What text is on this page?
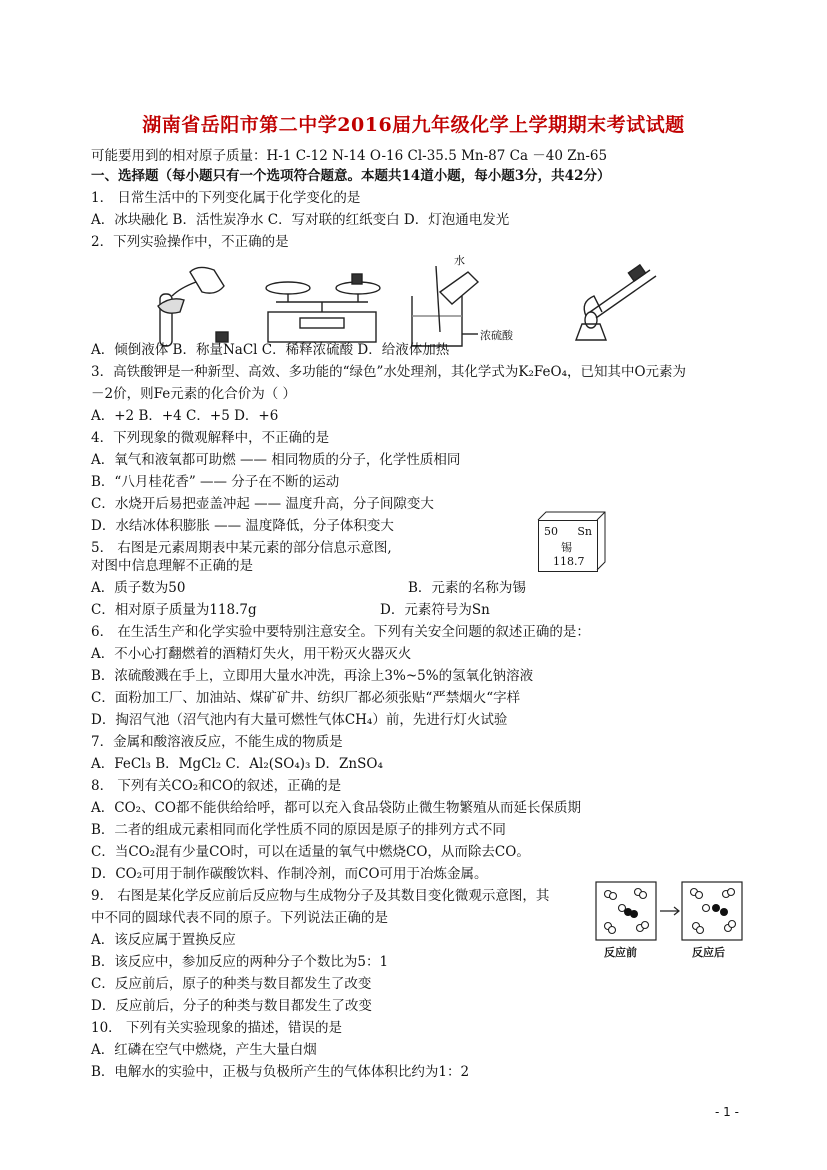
湖南省岳阳市第二中学2016届九年级化学上学期期末考试试题
可能要用到的相对原子质量：H-1 C-12 N-14 O-16 Cl-35.5 Mn-87 Ca －40 Zn-65
一、选择题（每小题只有一个选项符合题意。本题共14道小题，每小题3分，共42分）
1． 日常生活中的下列变化属于化学变化的是
A．冰块融化 B．活性炭净水 C．写对联的红纸变白 D．灯泡通电发光
2．下列实验操作中，不正确的是
水
浓硫酸
A．倾倒液体 B．称量NaCl C．稀释浓硫酸 D．给液体加热
3．高铁酸钾是一种新型、高效、多功能的“绿色”水处理剂，其化学式为K₂FeO₄，已知其中O元素为
－2价，则Fe元素的化合价为（ ）
A．+2 B．+4 C．+5 D．+6
4．下列现象的微观解释中，不正确的是
A．氧气和液氧都可助燃 —— 相同物质的分子，化学性质相同
B．“八月桂花香” —— 分子在不断的运动
C．水烧开后易把壶盖冲起 —— 温度升高，分子间隙变大
D．水结冰体积膨胀 —— 温度降低，分子体积变大
5． 右图是元素周期表中某元素的部分信息示意图,
50 Sn
锡
118.7
对图中信息理解不正确的是
A．质子数为50	B．元素的名称为锡
C．相对原子质量为118.7g	D．元素符号为Sn
6． 在生活生产和化学实验中要特别注意安全。下列有关安全问题的叙述正确的是：
A．不小心打翻燃着的酒精灯失火，用干粉灭火器灭火
B．浓硫酸溅在手上，立即用大量水冲洗，再涂上3%~5%的氢氧化钠溶液
C．面粉加工厂、加油站、煤矿矿井、纺织厂都必须张贴“严禁烟火“字样
D．掏沼气池（沼气池内有大量可燃性气体CH₄）前，先进行灯火试验
7．金属和酸溶液反应，不能生成的物质是
A．FeCl₃ B．MgCl₂ C．Al₂(SO₄)₃ D．ZnSO₄
8． 下列有关CO₂和CO的叙述，正确的是
A．CO₂、CO都不能供给给呼，都可以充入食品袋防止微生物繁殖从而延长保质期
B．二者的组成元素相同而化学性质不同的原因是原子的排列方式不同
C．当CO₂混有少量CO时，可以在适量的氧气中燃烧CO，从而除去CO。
D．CO₂可用于制作碳酸饮料、作制冷剂，而CO可用于冶炼金属。
9． 右图是某化学反应前后反应物与生成物分子及其数目变化微观示意图，其
中不同的圆球代表不同的原子。下列说法正确的是
反应前	反应后
A．该反应属于置换反应
B．该反应中，参加反应的两种分子个数比为5：1
C．反应前后，原子的种类与数目都发生了改变
D．反应前后，分子的种类与数目都发生了改变
10． 下列有关实验现象的描述，错误的是
A．红磷在空气中燃烧，产生大量白烟
B．电解水的实验中，正极与负极所产生的气体体积比约为1：2
- 1 -
